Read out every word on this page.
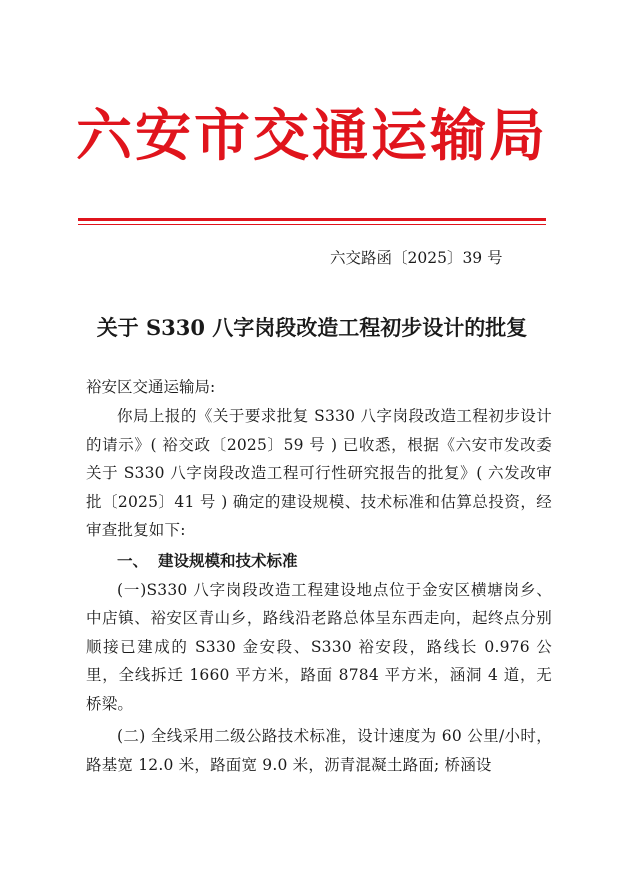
六安市交通运输局
六交路函〔2025〕39 号
关于 S330 八字岗段改造工程初步设计的批复

裕安区交通运输局:

你局上报的《关于要求批复 S330 八字岗段改造工程初步设计的请示》( 裕交政〔2025〕59 号 ) 已收悉，根据《六安市发改委关于 S330 八字岗段改造工程可行性研究报告的批复》( 六发改审批〔2025〕41 号 ) 确定的建设规模、技术标准和估算总投资，经审查批复如下:

一、 建设规模和技术标准

(一)S330 八字岗段改造工程建设地点位于金安区横塘岗乡、中店镇、裕安区青山乡，路线沿老路总体呈东西走向，起终点分别顺接已建成的 S330 金安段、S330 裕安段，路线长 0.976 公里，全线拆迁 1660 平方米，路面 8784 平方米，涵洞 4 道，无桥梁。

(二) 全线采用二级公路技术标准，设计速度为 60 公里/小时，路基宽 12.0 米，路面宽 9.0 米，沥青混凝土路面; 桥涵设
